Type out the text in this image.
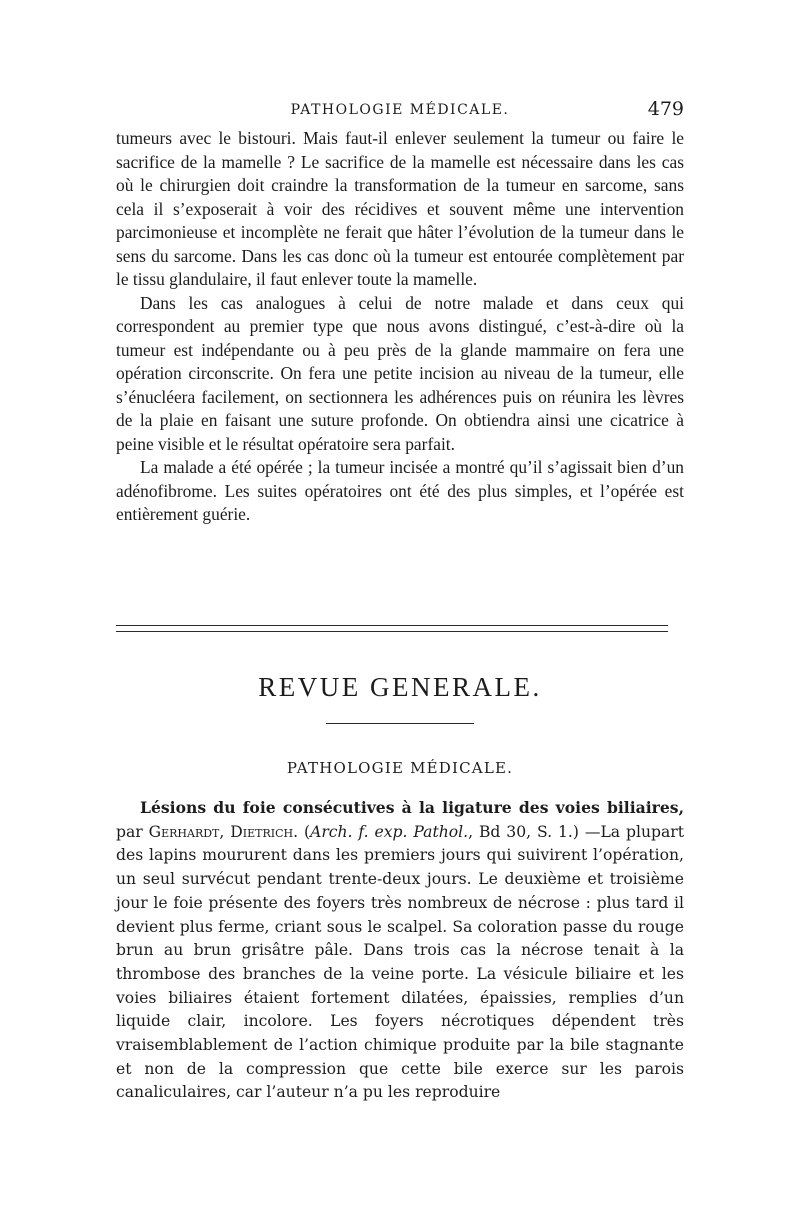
PATHOLOGIE MÉDICALE.	479

tumeurs avec le bistouri. Mais faut-il enlever seulement la tumeur ou faire le sacrifice de la mamelle ? Le sacrifice de la mamelle est nécessaire dans les cas où le chirurgien doit craindre la transformation de la tumeur en sarcome, sans cela il s’exposerait à voir des récidives et souvent même une intervention parcimonieuse et incomplète ne ferait que hâter l’évolution de la tumeur dans le sens du sarcome. Dans les cas donc où la tumeur est entourée complètement par le tissu glandulaire, il faut enlever toute la mamelle.

Dans les cas analogues à celui de notre malade et dans ceux qui correspondent au premier type que nous avons distingué, c’est-à-dire où la tumeur est indépendante ou à peu près de la glande mammaire on fera une opération circonscrite. On fera une petite incision au niveau de la tumeur, elle s’énucléera facilement, on sectionnera les adhérences puis on réunira les lèvres de la plaie en faisant une suture profonde. On obtiendra ainsi une cicatrice à peine visible et le résultat opératoire sera parfait.

La malade a été opérée ; la tumeur incisée a montré qu’il s’agissait bien d’un adénofibrome. Les suites opératoires ont été des plus simples, et l’opérée est entièrement guérie.

REVUE GENERALE.
PATHOLOGIE MÉDICALE.

Lésions du foie consécutives à la ligature des voies biliaires, par Gerhardt, Dietrich. (Arch. f. exp. Pathol., Bd 30, S. 1.) —La plupart des lapins moururent dans les premiers jours qui suivirent l’opération, un seul survécut pendant trente-deux jours. Le deuxième et troisième jour le foie présente des foyers très nombreux de nécrose : plus tard il devient plus ferme, criant sous le scalpel. Sa coloration passe du rouge brun au brun grisâtre pâle. Dans trois cas la nécrose tenait à la thrombose des branches de la veine porte. La vésicule biliaire et les voies biliaires étaient fortement dilatées, épaissies, remplies d’un liquide clair, incolore. Les foyers nécrotiques dépendent très vraisemblablement de l’action chimique produite par la bile stagnante et non de la compression que cette bile exerce sur les parois canaliculaires, car l’auteur n’a pu les reproduire
